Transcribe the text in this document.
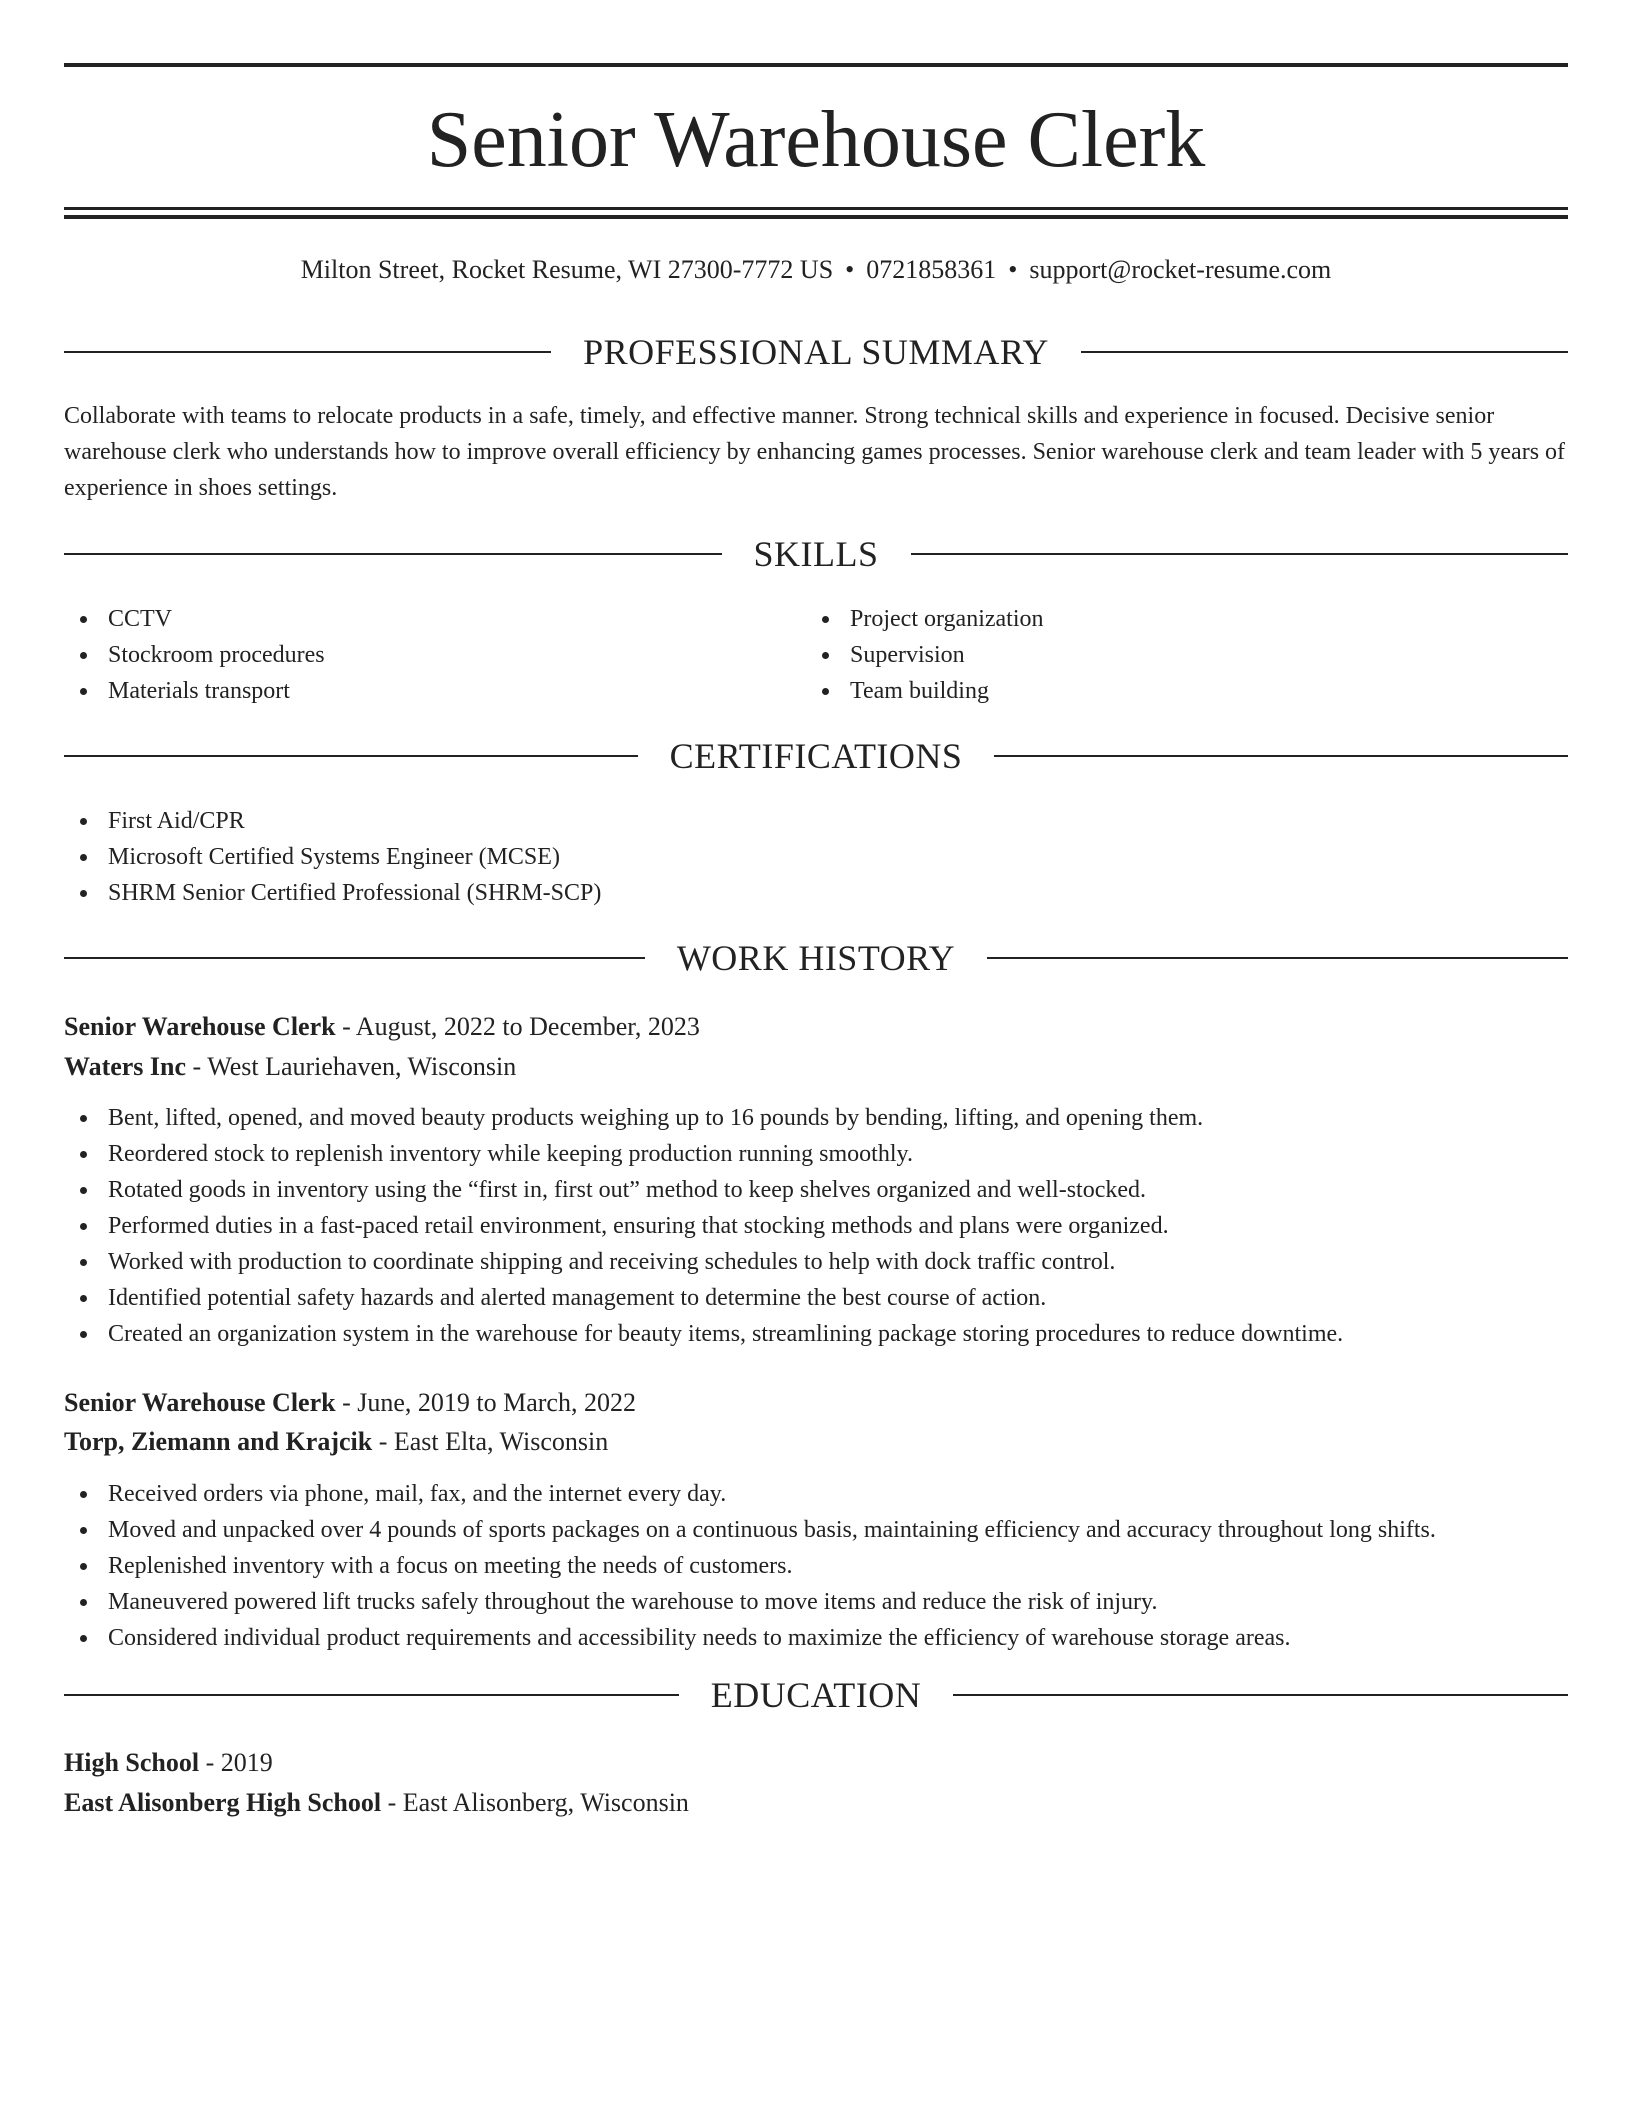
Senior Warehouse Clerk
Milton Street, Rocket Resume, WI 27300-7772 US • 0721858361 • support@rocket-resume.com
PROFESSIONAL SUMMARY
Collaborate with teams to relocate products in a safe, timely, and effective manner. Strong technical skills and experience in focused. Decisive senior warehouse clerk who understands how to improve overall efficiency by enhancing games processes. Senior warehouse clerk and team leader with 5 years of experience in shoes settings.
SKILLS
CCTV
Stockroom procedures
Materials transport
Project organization
Supervision
Team building
CERTIFICATIONS
First Aid/CPR
Microsoft Certified Systems Engineer (MCSE)
SHRM Senior Certified Professional (SHRM-SCP)
WORK HISTORY
Senior Warehouse Clerk - August, 2022 to December, 2023
Waters Inc - West Lauriehaven, Wisconsin
Bent, lifted, opened, and moved beauty products weighing up to 16 pounds by bending, lifting, and opening them.
Reordered stock to replenish inventory while keeping production running smoothly.
Rotated goods in inventory using the “first in, first out” method to keep shelves organized and well-stocked.
Performed duties in a fast-paced retail environment, ensuring that stocking methods and plans were organized.
Worked with production to coordinate shipping and receiving schedules to help with dock traffic control.
Identified potential safety hazards and alerted management to determine the best course of action.
Created an organization system in the warehouse for beauty items, streamlining package storing procedures to reduce downtime.
Senior Warehouse Clerk - June, 2019 to March, 2022
Torp, Ziemann and Krajcik - East Elta, Wisconsin
Received orders via phone, mail, fax, and the internet every day.
Moved and unpacked over 4 pounds of sports packages on a continuous basis, maintaining efficiency and accuracy throughout long shifts.
Replenished inventory with a focus on meeting the needs of customers.
Maneuvered powered lift trucks safely throughout the warehouse to move items and reduce the risk of injury.
Considered individual product requirements and accessibility needs to maximize the efficiency of warehouse storage areas.
EDUCATION
High School - 2019
East Alisonberg High School - East Alisonberg, Wisconsin
